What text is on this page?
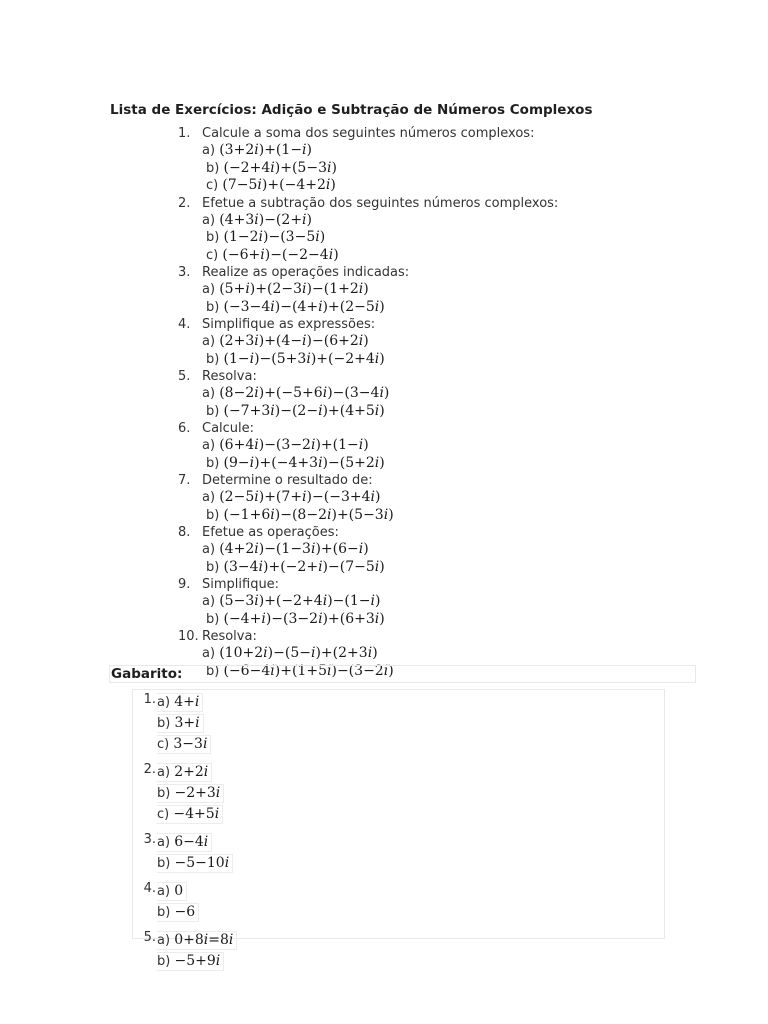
Lista de Exercícios: Adição e Subtração de Números Complexos
1. Calcule a soma dos seguintes números complexos:
a) (3+2i)+(1−i)
b) (−2+4i)+(5−3i)
c) (7−5i)+(−4+2i)
2. Efetue a subtração dos seguintes números complexos:
a) (4+3i)−(2+i)
b) (1−2i)−(3−5i)
c) (−6+i)−(−2−4i)
3. Realize as operações indicadas:
a) (5+i)+(2−3i)−(1+2i)
b) (−3−4i)−(4+i)+(2−5i)
4. Simplifique as expressões:
a) (2+3i)+(4−i)−(6+2i)
b) (1−i)−(5+3i)+(−2+4i)
5. Resolva:
a) (8−2i)+(−5+6i)−(3−4i)
b) (−7+3i)−(2−i)+(4+5i)
6. Calcule:
a) (6+4i)−(3−2i)+(1−i)
b) (9−i)+(−4+3i)−(5+2i)
7. Determine o resultado de:
a) (2−5i)+(7+i)−(−3+4i)
b) (−1+6i)−(8−2i)+(5−3i)
8. Efetue as operações:
a) (4+2i)−(1−3i)+(6−i)
b) (3−4i)+(−2+i)−(7−5i)
9. Simplifique:
a) (5−3i)+(−2+4i)−(1−i)
b) (−4+i)−(3−2i)+(6+3i)
10. Resolva:
a) (10+2i)−(5−i)+(2+3i)
b) (−6−4i)+(1+5i)−(3−2i)
Gabarito:
1. a) 4+i
b) 3+i
c) 3−3i
2. a) 2+2i
b) −2+3i
c) −4+5i
3. a) 6−4i
b) −5−10i
4. a) 0
b) −6
5. a) 0+8i=8i
b) −5+9i
